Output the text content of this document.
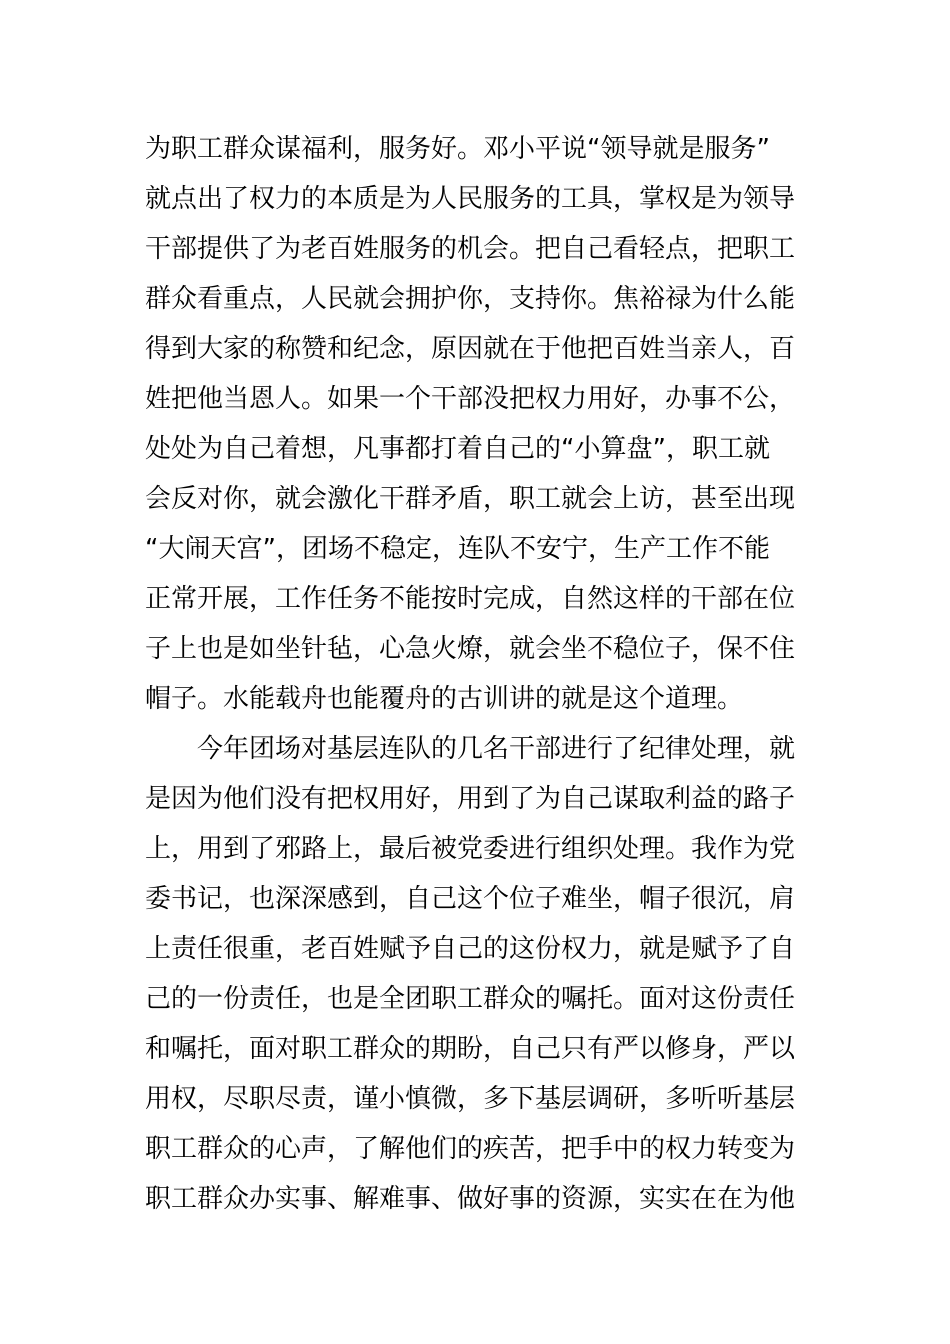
为职工群众谋福利，服务好。邓小平说“领导就是服务”
就点出了权力的本质是为人民服务的工具，掌权是为领导
干部提供了为老百姓服务的机会。把自己看轻点，把职工
群众看重点，人民就会拥护你，支持你。焦裕禄为什么能
得到大家的称赞和纪念，原因就在于他把百姓当亲人，百
姓把他当恩人。如果一个干部没把权力用好，办事不公，
处处为自己着想，凡事都打着自己的“小算盘”，职工就
会反对你，就会激化干群矛盾，职工就会上访，甚至出现
“大闹天宫”，团场不稳定，连队不安宁，生产工作不能
正常开展，工作任务不能按时完成，自然这样的干部在位
子上也是如坐针毡，心急火燎，就会坐不稳位子，保不住
帽子。水能载舟也能覆舟的古训讲的就是这个道理。
今年团场对基层连队的几名干部进行了纪律处理，就
是因为他们没有把权用好，用到了为自己谋取利益的路子
上，用到了邪路上，最后被党委进行组织处理。我作为党
委书记，也深深感到，自己这个位子难坐，帽子很沉，肩
上责任很重，老百姓赋予自己的这份权力，就是赋予了自
己的一份责任，也是全团职工群众的嘱托。面对这份责任
和嘱托，面对职工群众的期盼，自己只有严以修身，严以
用权，尽职尽责，谨小慎微，多下基层调研，多听听基层
职工群众的心声，了解他们的疾苦，把手中的权力转变为
职工群众办实事、解难事、做好事的资源，实实在在为他
